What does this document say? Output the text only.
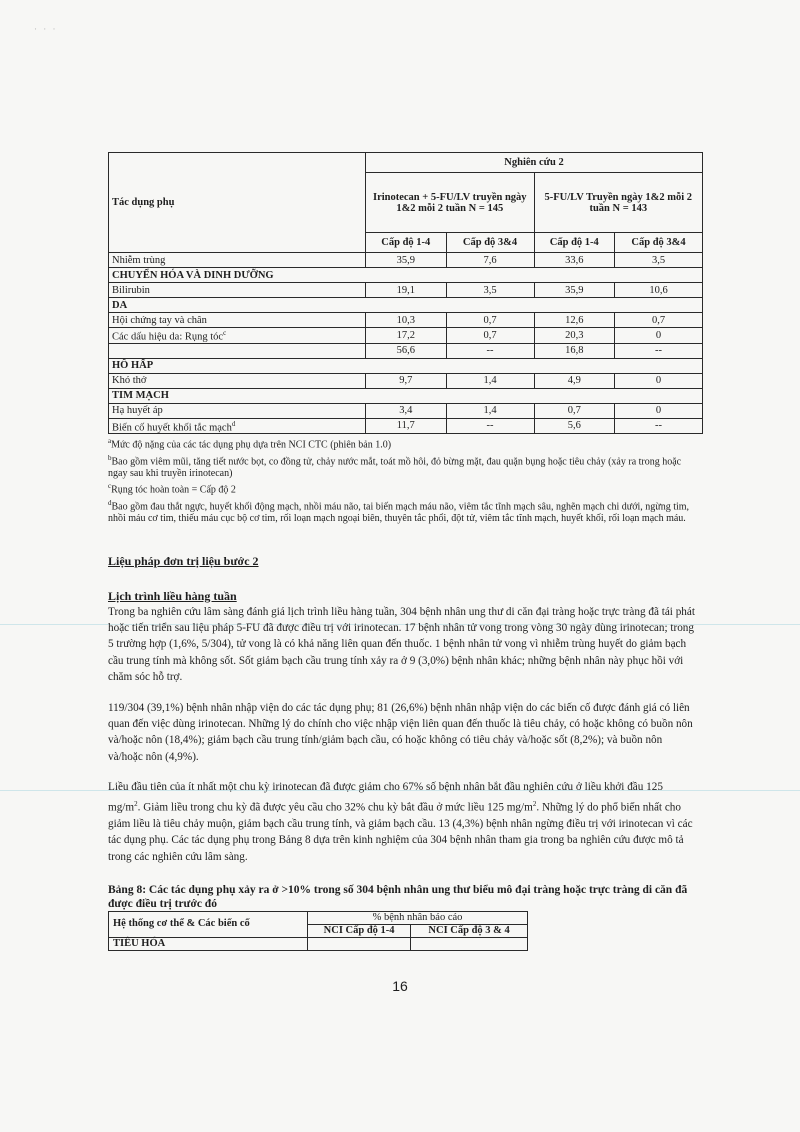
· · ·
Tác dụng phụ	Nghiên cứu 2			
	Irinotecan + 5-FU/LV truyền ngày 1&2 mỗi 2 tuần N = 145		5-FU/LV Truyền ngày 1&2 mỗi 2 tuần N = 143	
	Cấp độ 1-4	Cấp độ 3&4	Cấp độ 1-4	Cấp độ 3&4
Nhiễm trùng	35,9	7,6	33,6	3,5
CHUYỂN HÓA VÀ DINH DƯỠNG				
Bilirubin	19,1	3,5	35,9	10,6
DA				
Hội chứng tay và chân	10,3	0,7	12,6	0,7
Các dấu hiệu da: Rụng tóc$^c$	17,2	0,7	20,3	0
	56,6	--	16,8	--
HÔ HẤP				
Khó thở	9,7	1,4	4,9	0
TIM MẠCH				
Hạ huyết áp	3,4	1,4	0,7	0
Biến cố huyết khối tắc mạch$^d$	11,7	--	5,6	--

$^a$Mức độ nặng của các tác dụng phụ dựa trên NCI CTC (phiên bản 1.0)

$^b$Bao gồm viêm mũi, tăng tiết nước bọt, co đồng tử, chảy nước mắt, toát mồ hôi, đỏ bừng mặt, đau quặn bụng hoặc tiêu chảy (xảy ra trong hoặc ngay sau khi truyền irinotecan)

$^c$Rụng tóc hoàn toàn = Cấp độ 2

$^d$Bao gồm đau thắt ngực, huyết khối động mạch, nhồi máu não, tai biến mạch máu não, viêm tắc tĩnh mạch sâu, nghẽn mạch chi dưới, ngừng tim, nhồi máu cơ tim, thiếu máu cục bộ cơ tim, rối loạn mạch ngoại biên, thuyên tắc phổi, đột tử, viêm tắc tĩnh mạch, huyết khối, rối loạn mạch máu.

Liệu pháp đơn trị liệu bước 2
Lịch trình liều hàng tuần

Trong ba nghiên cứu lâm sàng đánh giá lịch trình liều hàng tuần, 304 bệnh nhân ung thư di căn đại tràng hoặc trực tràng đã tái phát hoặc tiến triển sau liệu pháp 5-FU đã được điều trị với irinotecan. 17 bệnh nhân tử vong trong vòng 30 ngày dùng irinotecan; trong 5 trường hợp (1,6%, 5/304), tử vong là có khả năng liên quan đến thuốc. 1 bệnh nhân tử vong vì nhiễm trùng huyết do giảm bạch cầu trung tính mà không sốt. Sốt giảm bạch cầu trung tính xảy ra ở 9 (3,0%) bệnh nhân khác; những bệnh nhân này phục hồi với chăm sóc hỗ trợ.

119/304 (39,1%) bệnh nhân nhập viện do các tác dụng phụ; 81 (26,6%) bệnh nhân nhập viện do các biến cố được đánh giá có liên quan đến việc dùng irinotecan. Những lý do chính cho việc nhập viện liên quan đến thuốc là tiêu chảy, có hoặc không có buồn nôn và/hoặc nôn (18,4%); giảm bạch cầu trung tính/giảm bạch cầu, có hoặc không có tiêu chảy và/hoặc sốt (8,2%); và buồn nôn và/hoặc nôn (4,9%).

Liều đầu tiên của ít nhất một chu kỳ irinotecan đã được giảm cho 67% số bệnh nhân bắt đầu nghiên cứu ở liều khởi đầu 125 $mg/m^2$. Giảm liều trong chu kỳ đã được yêu cầu cho 32% chu kỳ bắt đầu ở mức liều 125 $mg/m^2$. Những lý do phổ biến nhất cho giảm liều là tiêu chảy muộn, giảm bạch cầu trung tính, và giảm bạch cầu. 13 (4,3%) bệnh nhân ngừng điều trị với irinotecan vì các tác dụng phụ. Các tác dụng phụ trong Bảng 8 dựa trên kinh nghiệm của 304 bệnh nhân tham gia trong ba nghiên cứu được mô tả trong các nghiên cứu lâm sàng.

Bảng 8: Các tác dụng phụ xảy ra ở >10% trong số 304 bệnh nhân ung thư biểu mô đại tràng hoặc trực tràng di căn đã được điều trị trước đó
Hệ thống cơ thể & Các biến cố	% bệnh nhân báo cáo	
	NCI Cấp độ 1-4	NCI Cấp độ 3 & 4
TIÊU HÓA		
16
